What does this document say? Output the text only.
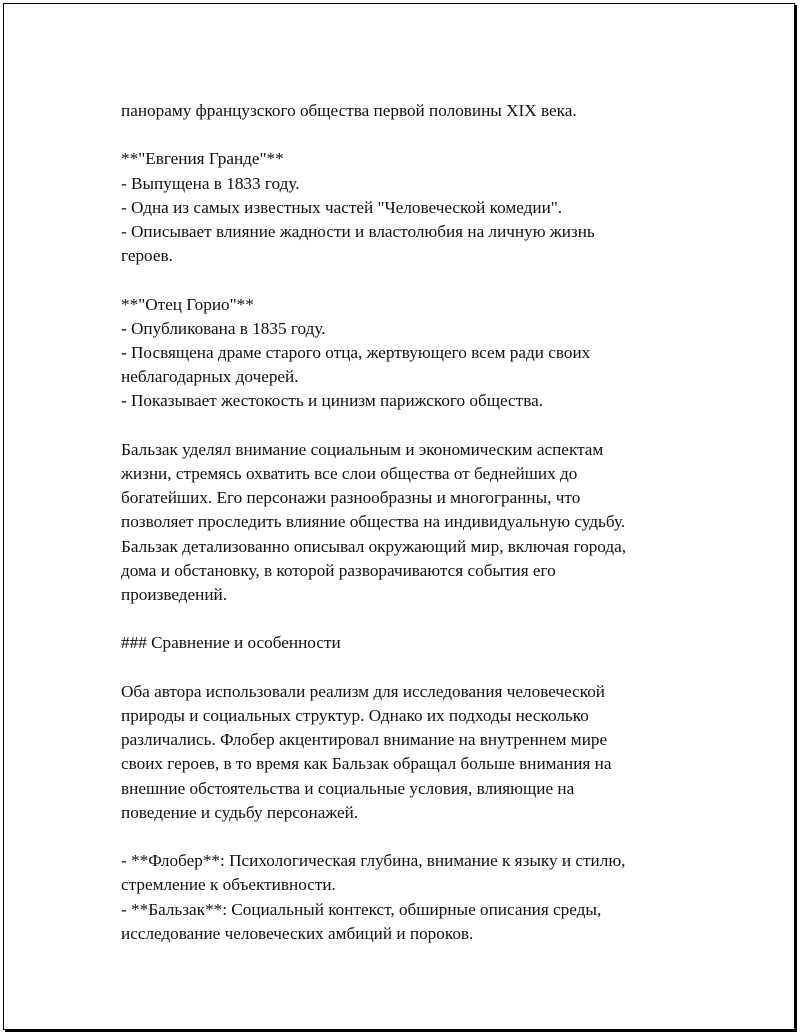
панораму французского общества первой половины XIX века.
**"Евгения Гранде"**
- Выпущена в 1833 году.
- Одна из самых известных частей "Человеческой комедии".
- Описывает влияние жадности и властолюбия на личную жизнь
героев.
**"Отец Горио"**
- Опубликована в 1835 году.
- Посвящена драме старого отца, жертвующего всем ради своих
неблагодарных дочерей.
- Показывает жестокость и цинизм парижского общества.
Бальзак уделял внимание социальным и экономическим аспектам
жизни, стремясь охватить все слои общества от беднейших до
богатейших. Его персонажи разнообразны и многогранны, что
позволяет проследить влияние общества на индивидуальную судьбу.
Бальзак детализованно описывал окружающий мир, включая города,
дома и обстановку, в которой разворачиваются события его
произведений.
### Сравнение и особенности
Оба автора использовали реализм для исследования человеческой
природы и социальных структур. Однако их подходы несколько
различались. Флобер акцентировал внимание на внутреннем мире
своих героев, в то время как Бальзак обращал больше внимания на
внешние обстоятельства и социальные условия, влияющие на
поведение и судьбу персонажей.
- **Флобер**: Психологическая глубина, внимание к языку и стилю,
стремление к объективности.
- **Бальзак**: Социальный контекст, обширные описания среды,
исследование человеческих амбиций и пороков.
